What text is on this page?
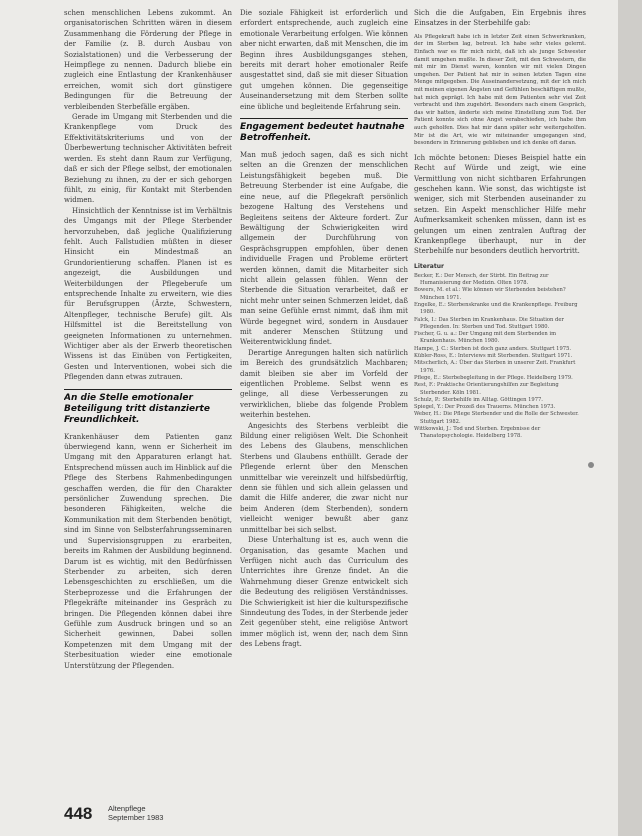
schen menschlichen Lebens zukommt. An organisatorischen Schritten wären in diesem Zusammenhang die Förderung der Pflege in der Familie (z. B. durch Ausbau von Sozialstationen) und die Verbesserung der Heimpflege zu nennen. Dadurch bliebe ein zugleich eine Entlastung der Krankenhäuser erreichen, womit sich dort günstigere Bedingungen für die Betreuung der verbleibenden Sterbefälle ergäben.

Gerade im Umgang mit Sterbenden und die Krankenpflege vom Druck des Effektivitätskriteriums und von der Überbewertung technischer Aktivitäten befreit werden. Es steht dann Raum zur Verfügung, daß er sich der Pflege selbst, der emotionalen Beziehung zu ihnen, zu der er sich gehorgen fühlt, zu einig, für Kontakt mit Sterbenden widmen.

Hinsichtlich der Kenntnisse ist im Verhältnis des Umgangs mit der Pflege Sterbender hervorzuheben, daß jegliche Qualifizierung fehlt. Auch Fallstudien müßten in dieser Hinsicht ein Mindestmaß an Grundorientierung schaffen. Planen ist es angezeigt, die Ausbildungen und Weiterbildungen der Pflegeberufe um entsprechende Inhalte zu erweitern, wie dies für Berufsgruppen (Ärzte, Schwestern, Altenpfleger, technische Berufe) gilt. Als Hilfsmittel ist die Bereitstellung von geeigneten Informationen zu unternehmen. Wichtiger aber als der Erwerb theoretischen Wissens ist das Einüben von Fertigkeiten, Gesten und Interventionen, wobei sich die Pflegenden dann etwas zutrauen.

An die Stelle emotionaler Beteiligung tritt distanzierte Freundlichkeit.

Krankenhäuser dem Patienten ganz überwiegend kann, wenn er Sicherheit im Umgang mit den Apparaturen erlangt hat. Entsprechend müssen auch im Hinblick auf die Pflege des Sterbens Rahmenbedingungen geschaffen werden, die für den Charakter persönlicher Zuwendung sprechen. Die besonderen Fähigkeiten, welche die Kommunikation mit dem Sterbenden benötigt, sind im Sinne von Selbsterfahrungsseminaren und Supervisionsgruppen zu erarbeiten, bereits im Rahmen der Ausbildung beginnend. Darum ist es wichtig, mit den Bedürfnissen Sterbender zu arbeiten, sich deren Lebensgeschichten zu erschließen, um die Sterbeprozesse und die Erfahrungen der Pflegekräfte miteinander ins Gespräch zu bringen. Die Pflegenden können dabei ihre Gefühle zum Ausdruck bringen und so an Sicherheit gewinnen, Dabei sollen Kompetenzen mit dem Umgang mit der Sterbesituation wieder eine emotionale Unterstützung der Pflegenden.

Die soziale Fähigkeit ist erforderlich und erfordert entsprechende, auch zugleich eine emotionale Verarbeitung erfolgen. Wie können aber nicht erwarten, daß mit Menschen, die im Beginn ihres Ausbildungsganges stehen, bereits mit derart hoher emotionaler Reife ausgestattet sind, daß sie mit dieser Situation gut umgehen können. Die gegenseitige Auseinandersetzung mit dem Sterben sollte eine übliche und begleitende Erfahrung sein.

Engagement bedeutet hautnahe Betroffenheit.

Man muß jedoch sagen, daß es sich nicht selten an die Grenzen der menschlichen Leistungsfähigkeit begeben muß. Die Betreuung Sterbender ist eine Aufgabe, die eine neue, auf die Pflegekraft persönlich bezogene Haltung des Verstehens und Begleitens seitens der Akteure fordert. Zur Bewältigung der Schwierigkeiten wird allgemein der Durchführung von Gesprächsgruppen empfohlen, über denen individuelle Fragen und Probleme erörtert werden können, damit die Mitarbeiter sich nicht allein gelassen fühlen. Wenn der Sterbende die Situation verarbeitet, daß er nicht mehr unter seinen Schmerzen leidet, daß man seine Gefühle ernst nimmt, daß ihm mit Würde begegnet wird, sondern in Ausdauer mit anderer Menschen Stützung und Weiterentwicklung findet.

Derartige Anregungen halten sich natürlich im Bereich des grundsätzlich Machbaren; damit bleiben sie aber im Vorfeld der eigentlichen Probleme. Selbst wenn es gelinge, all diese Verbesserungen zu verwirklichen, bliebe das folgende Problem weiterhin bestehen.

Angesichts des Sterbens verbleibt die Bildung einer religiösen Welt. Die Schonheit des Lebens des Glaubens, menschlichen Sterbens und Glaubens enthüllt. Gerade der Pflegende erlernt über den Menschen unmittelbar wie vereinzelt und hilfsbedürftig, denn sie fühlen und sich allein gelassen und damit die Hilfe anderer, die zwar nicht nur beim Anderen (dem Sterbenden), sondern vielleicht weniger bewußt aber ganz unmittelbar bei sich selbst.

Diese Unterhaltung ist es, auch wenn die Organisation, das gesamte Machen und Verfügen nicht auch das Curriculum des Unterrichtes ihre Grenze findet. An die Wahrnehmung dieser Grenze entwickelt sich die Bedeutung des religiösen Verständnisses. Die Schwierigkeit ist hier die kulturspezifische Sinndeutung des Todes, in der Sterbende jeder Zeit gegenüber steht, eine religiöse Antwort immer möglich ist, wenn der, nach dem Sinn des Lebens fragt.

Sich die die Aufgaben, Ein Ergebnis ihres Einsatzes in der Sterbehilfe gab:

Als Pflegekraft habe ich in letzter Zeit einen Schwerkranken, der im Sterben lag, betreut. Ich habe sehr vieles gelernt. Einfach war es für mich nicht, daß ich als junge Schwester damit umgehen mußte. In dieser Zeit, mit den Schwestern, die mit mir im Dienst waren, konnten wir mit vielen Dingen umgehen. Der Patient hat mir in seinen letzten Tagen eine Menge mitgegeben. Die Auseinandersetzung, mit der ich mich mit meinen eigenen Ängsten und Gefühlen beschäftigen mußte, hat mich geprägt. Ich habe mit dem Patienten sehr viel Zeit verbracht und ihm zugehört. Besonders nach einem Gespräch, das wir hatten, änderte sich meine Einstellung zum Tod. Der Patient konnte sich ohne Angst verabschieden, ich habe ihm auch geholfen. Dies hat mir dann später sehr weitergeholfen. Mir ist die Art, wie wir miteinander umgegangen sind, besonders in Erinnerung geblieben und ich denke oft daran.

Ich möchte betonen: Dieses Beispiel hatte ein Recht auf Würde und zeigt, wie eine Vermittlung von nicht sichtbaren Erfahrungen geschehen kann. Wie sonst, das wichtigste ist weniger, sich mit Sterbenden auseinander zu setzen. Ein Aspekt menschlicher Hilfe mehr Aufmerksamkeit schenken müssen, dann ist es gelungen um einen zentralen Auftrag der Krankenpflege überhaupt, nur in der Sterbehilfe nur besonders deutlich hervortritt.

Literatur

Becker, E.: Der Mensch, der Stirbt. Ein Beitrag zur Humanisierung der Medizin. Olten 1978.

Bowers, M. et al.: Wie können wir Sterbenden beistehen? München 1971.

Engelke, E.: Sterbenskranke und die Krankenpflege. Freiburg 1980.

Falck, I.: Das Sterben im Krankenhaus. Die Situation der Pflegenden. In: Sterben und Tod. Stuttgart 1980.

Fischer, G. u. a.: Der Umgang mit dem Sterbenden im Krankenhaus. München 1980.

Hampe, J. C.: Sterben ist doch ganz anders. Stuttgart 1975.

Kübler-Ross, E.: Interviews mit Sterbenden. Stuttgart 1971.

Mitscherlich, A.: Über das Sterben in unserer Zeit. Frankfurt 1976.

Pflege, E.: Sterbebegleitung in der Pflege. Heidelberg 1979.

Rest, F.: Praktische Orientierungshilfen zur Begleitung Sterbender. Köln 1981.

Schulz, P.: Sterbehilfe im Alltag. Göttingen 1977.

Spiegel, Y.: Der Prozeß des Trauerns. München 1973.

Weber, H.: Die Pflege Sterbender und die Rolle der Schwester. Stuttgart 1982.

Wittkowski, J.: Tod und Sterben. Ergebnisse der Thanatopsychologie. Heidelberg 1978.

448 Altenpflege
September 1983
